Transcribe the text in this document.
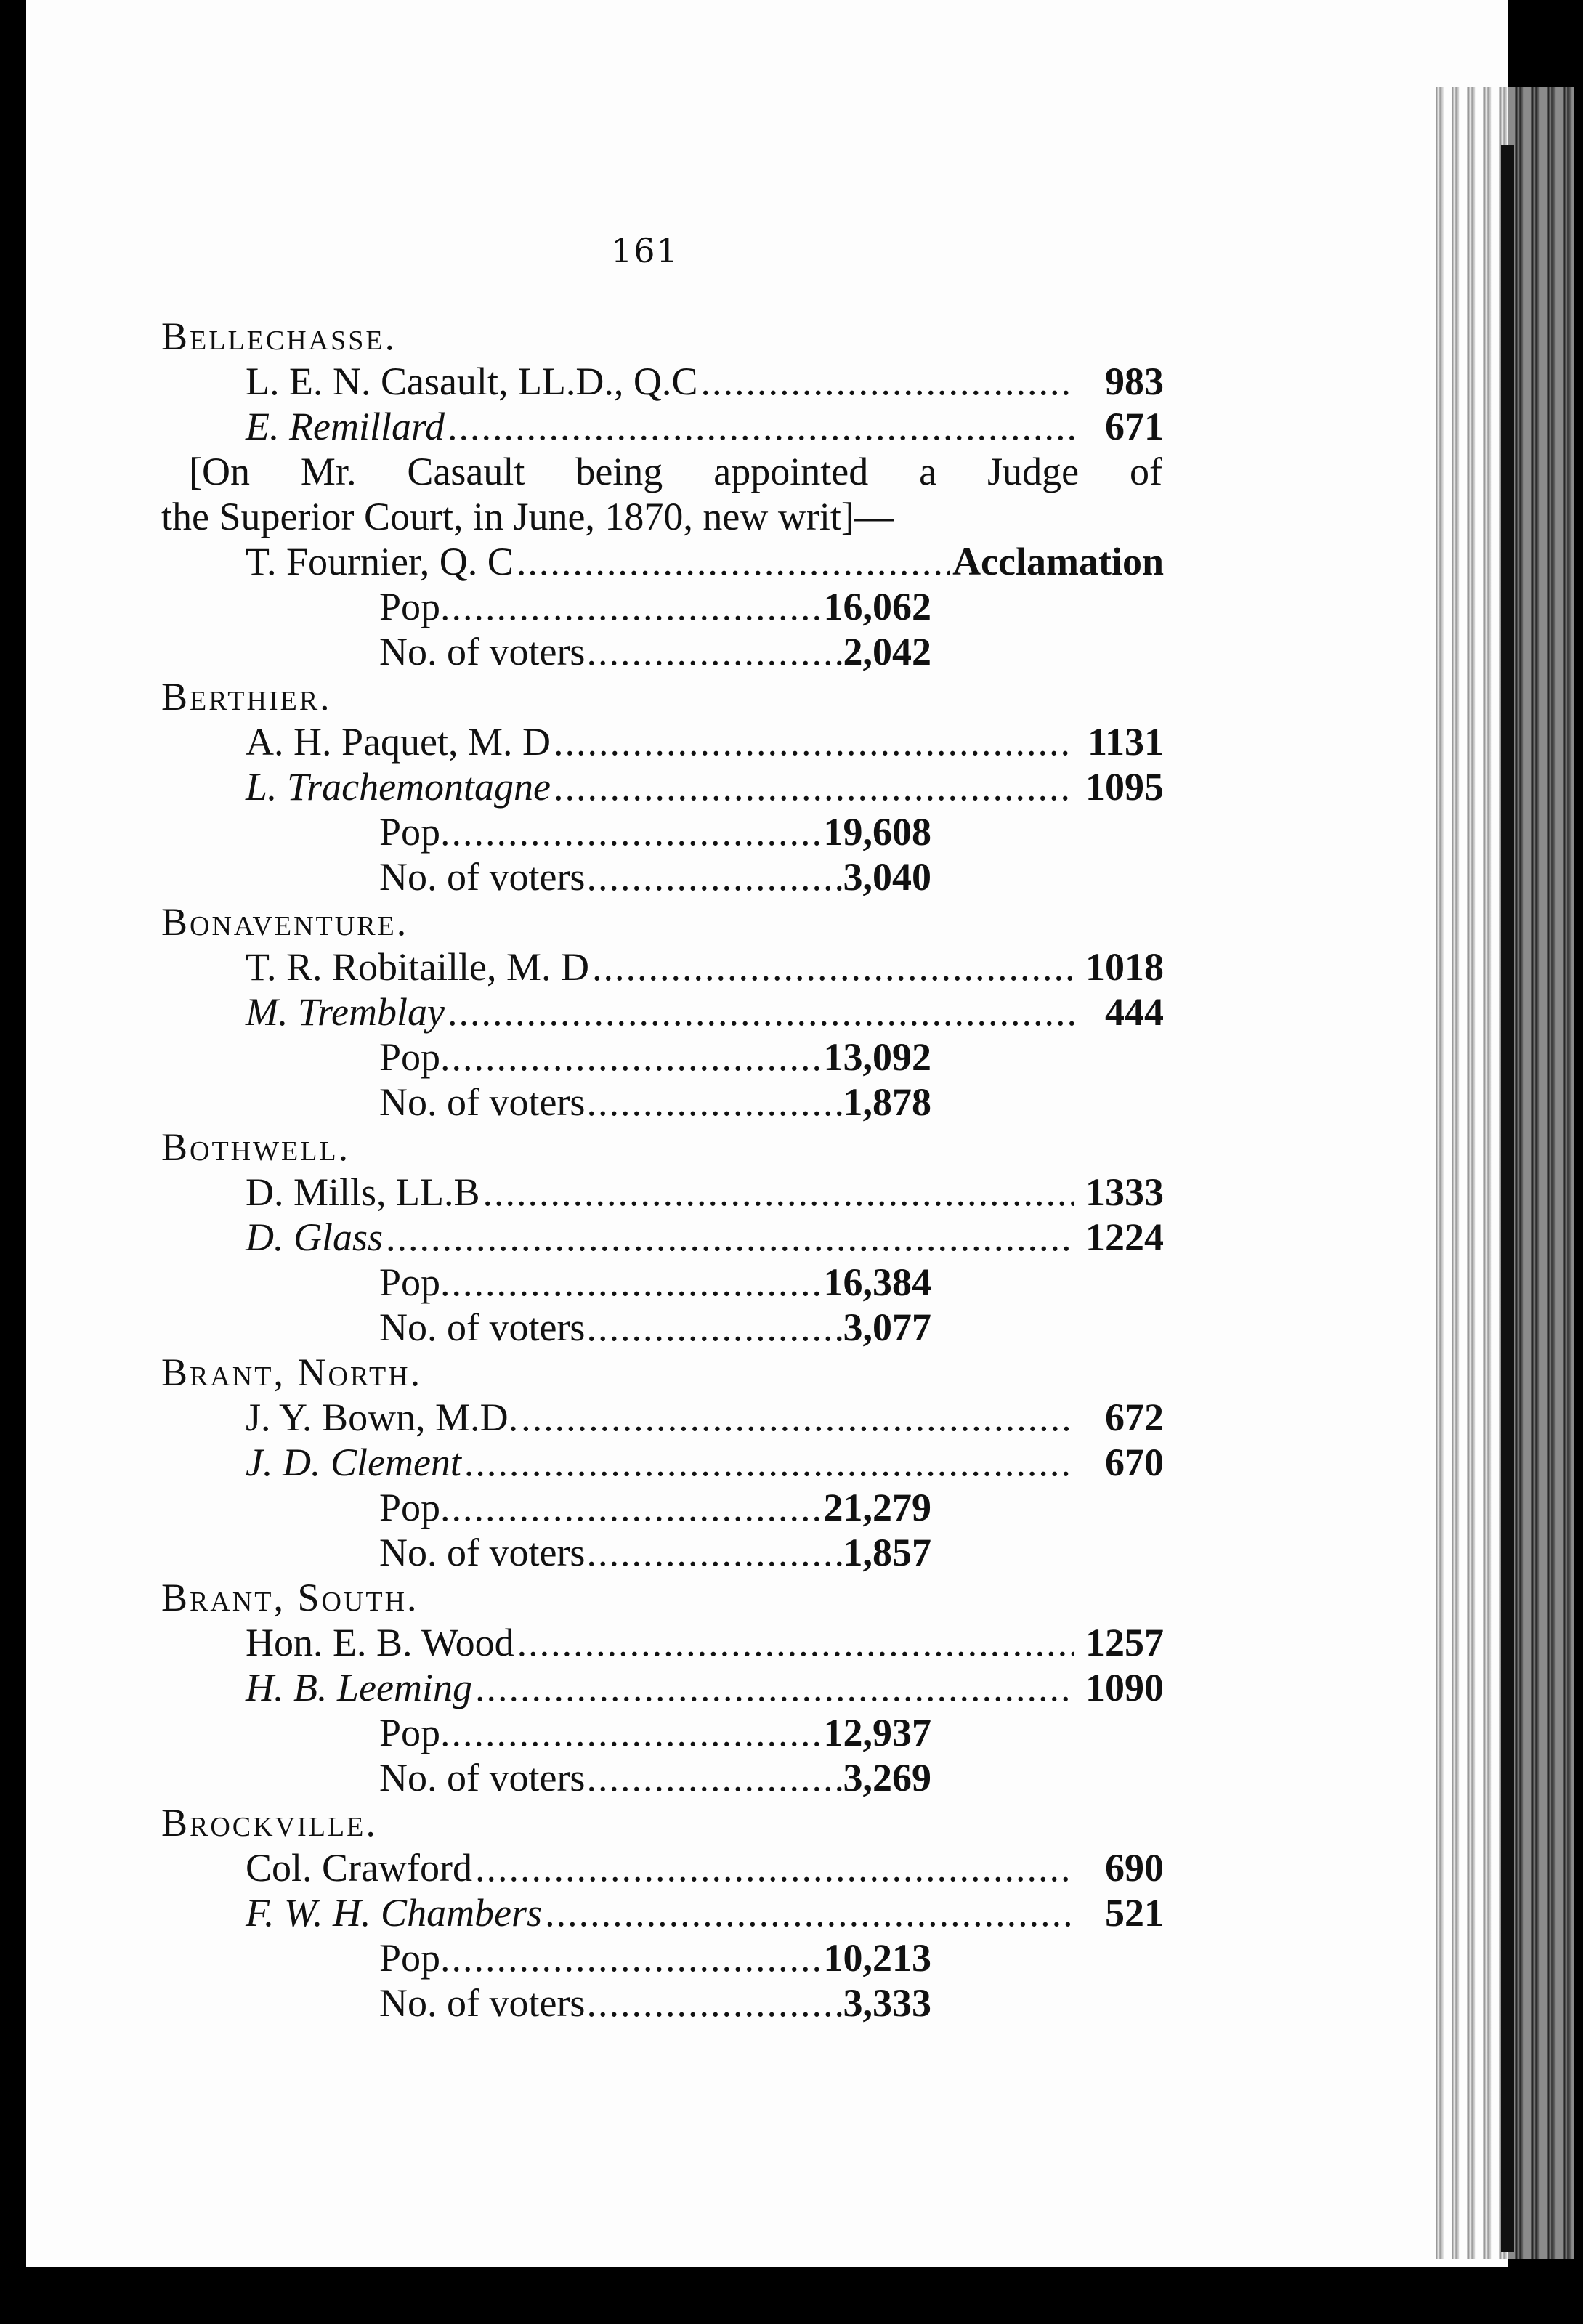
161
Bellechasse.
L. E. N. Casault, LL.D., Q.C .....	983
E. Remillard .....	671
[On Mr. Casault being appointed a Judge of
the Superior Court, in June, 1870, new writ]—
T. Fournier, Q. C .....	Acclamation
Pop. .....	16,062
No. of voters .....	2,042
Berthier.
A. H. Paquet, M. D .....	1131
L. Trachemontagne .....	1095
Pop. .....	19,608
No. of voters .....	3,040
Bonaventure.
T. R. Robitaille, M. D .....	1018
M. Tremblay .....	444
Pop. .....	13,092
No. of voters .....	1,878
Bothwell.
D. Mills, LL.B .....	1333
D. Glass .....	1224
Pop. .....	16,384
No. of voters .....	3,077
Brant, North.
J. Y. Bown, M.D. .....	672
J. D. Clement .....	670
Pop. .....	21,279
No. of voters .....	1,857
Brant, South.
Hon. E. B. Wood .....	1257
H. B. Leeming .....	1090
Pop. .....	12,937
No. of voters .....	3,269
Brockville.
Col. Crawford .....	690
F. W. H. Chambers .....	521
Pop. .....	10,213
No. of voters .....	3,333
